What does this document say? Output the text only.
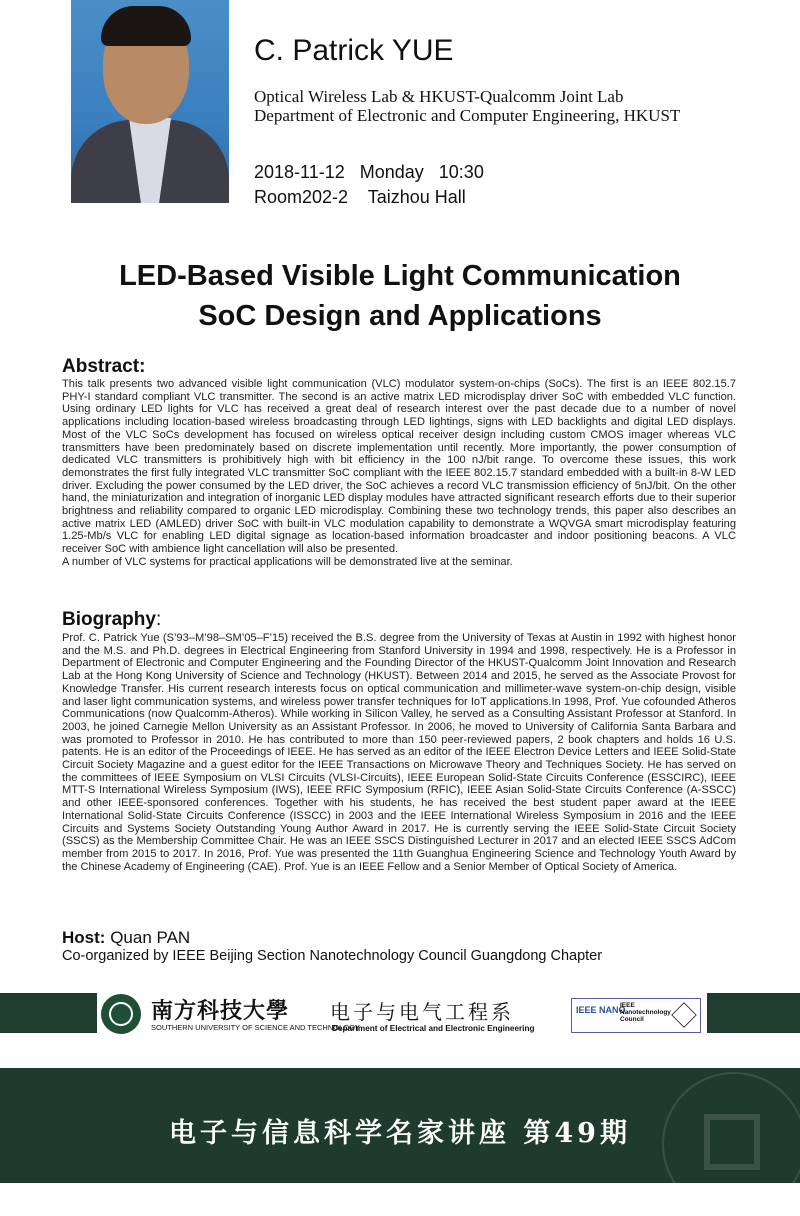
C. Patrick YUE
Optical Wireless Lab & HKUST-Qualcomm Joint Lab
Department of Electronic and Computer Engineering, HKUST
2018-11-12   Monday   10:30
Room202-2    Taizhou Hall
LED-Based Visible Light Communication
SoC Design and Applications
Abstract:
This talk presents two advanced visible light communication (VLC) modulator system-on-chips (SoCs). The first is an IEEE 802.15.7 PHY-I standard compliant VLC transmitter. The second is an active matrix LED microdisplay driver SoC with embedded VLC function. Using ordinary LED lights for VLC has received a great deal of research interest over the past decade due to a number of novel applications including location-based wireless broadcasting through LED lightings, signs with LED backlights and digital LED displays. Most of the VLC SoCs development has focused on wireless optical receiver design including custom CMOS imager whereas VLC transmitters have been predominately based on discrete implementation until recently. More importantly, the power consumption of dedicated VLC transmitters is prohibitively high with bit efficiency in the 100 nJ/bit range. To overcome these issues, this work demonstrates the first fully integrated VLC transmitter SoC compliant with the IEEE 802.15.7 standard embedded with a built-in 8-W LED driver. Excluding the power consumed by the LED driver, the SoC achieves a record VLC transmission efficiency of 5nJ/bit. On the other hand, the miniaturization and integration of inorganic LED display modules have attracted significant research efforts due to their superior brightness and reliability compared to organic LED microdisplay. Combining these two technology trends, this paper also describes an active matrix LED (AMLED) driver SoC with built-in VLC modulation capability to demonstrate a WQVGA smart microdisplay featuring 1.25-Mb/s VLC for enabling LED digital signage as location-based information broadcaster and indoor positioning beacons. A VLC receiver SoC with ambience light cancellation will also be presented.

A number of VLC systems for practical applications will be demonstrated live at the seminar.
Biography:
Prof. C. Patrick Yue (S’93–M’98–SM’05–F’15) received the B.S. degree from the University of Texas at Austin in 1992 with highest honor and the M.S. and Ph.D. degrees in Electrical Engineering from Stanford University in 1994 and 1998, respectively. He is a Professor in Department of Electronic and Computer Engineering and the Founding Director of the HKUST-Qualcomm Joint Innovation and Research Lab at the Hong Kong University of Science and Technology (HKUST). Between 2014 and 2015, he served as the Associate Provost for Knowledge Transfer. His current research interests focus on optical communication and millimeter-wave system-on-chip design, visible and laser light communication systems, and wireless power transfer techniques for IoT applications.In 1998, Prof. Yue cofounded Atheros Communications (now Qualcomm-Atheros). While working in Silicon Valley, he served as a Consulting Assistant Professor at Stanford. In 2003, he joined Carnegie Mellon University as an Assistant Professor. In 2006, he moved to University of California Santa Barbara and was promoted to Professor in 2010. He has contributed to more than 150 peer-reviewed papers, 2 book chapters and holds 16 U.S. patents. He is an editor of the Proceedings of IEEE. He has served as an editor of the IEEE Electron Device Letters and IEEE Solid-State Circuit Society Magazine and a guest editor for the IEEE Transactions on Microwave Theory and Techniques Society. He has served on the committees of IEEE Symposium on VLSI Circuits (VLSI-Circuits), IEEE European Solid-State Circuits Conference (ESSCIRC), IEEE MTT-S International Wireless Symposium (IWS), IEEE RFIC Symposium (RFIC), IEEE Asian Solid-State Circuits Conference (A-SSCC) and other IEEE-sponsored conferences. Together with his students, he has received the best student paper award at the IEEE International Solid-State Circuits Conference (ISSCC) in 2003 and the IEEE International Wireless Symposium in 2016 and the IEEE Circuits and Systems Society Outstanding Young Author Award in 2017. He is currently serving the IEEE Solid-State Circuit Society (SSCS) as the Membership Committee Chair. He was an IEEE SSCS Distinguished Lecturer in 2017 and an elected IEEE SSCS AdCom member from 2015 to 2017. In 2016, Prof. Yue was presented the 11th Guanghua Engineering Science and Technology Youth Award by the Chinese Academy of Engineering (CAE). Prof. Yue is an IEEE Fellow and a Senior Member of Optical Society of America.
Host: Quan PAN
Co-organized by IEEE Beijing Section Nanotechnology Council Guangdong Chapter
南方科技大學
SOUTHERN UNIVERSITY OF SCIENCE AND TECHNOLOGY
电子与电气工程系
Department of Electrical and Electronic Engineering
IEEE NANO
IEEE Nanotechnology Council
电子与信息科学名家讲座 第49期
